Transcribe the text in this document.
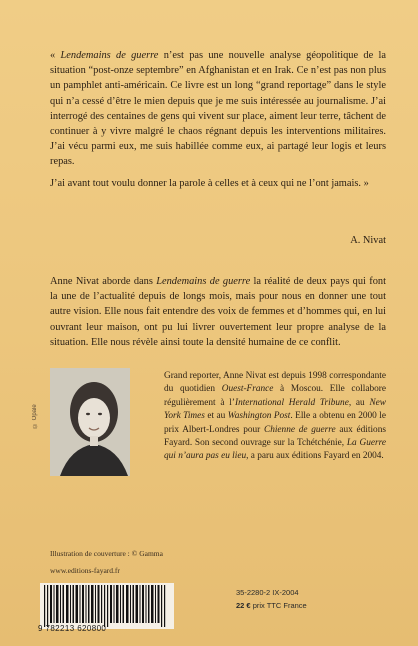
« Lendemains de guerre n’est pas une nouvelle analyse géopolitique de la situation “post-onze septembre” en Afghanistan et en Irak. Ce n’est pas non plus un pamphlet anti-américain. Ce livre est un long “grand reportage” dans le style qui n’a cessé d’être le mien depuis que je me suis intéressée au journalisme. J’ai interrogé des centaines de gens qui vivent sur place, aiment leur terre, tâchent de continuer à y vivre malgré le chaos régnant depuis les interventions militaires. J’ai vécu parmi eux, me suis habillée comme eux, ai partagé leur logis et leurs repas.

J’ai avant tout voulu donner la parole à celles et à ceux qui ne l’ont jamais. »

A. Nivat

Anne Nivat aborde dans Lendemains de guerre la réalité de deux pays qui font la une de l’actualité depuis de longs mois, mais pour nous en donner une tout autre vision. Elle nous fait entendre des voix de femmes et d’hommes qui, en lui ouvrant leur maison, ont pu lui livrer ouvertement leur propre analyse de la situation. Elle nous révèle ainsi toute la densité humaine de ce conflit.

© Opale

Grand reporter, Anne Nivat est depuis 1998 correspondante du quotidien Ouest-France à Moscou. Elle collabore régulièrement à l’International Herald Tribune, au New York Times et au Washington Post. Elle a obtenu en 2000 le prix Albert-Londres pour Chienne de guerre aux éditions Fayard. Son second ouvrage sur la Tchétchénie, La Guerre qui n’aura pas eu lieu, a paru aux éditions Fayard en 2004.

Illustration de couverture : © Gamma
www.editions-fayard.fr
9 782213 620800
35-2280-2 IX-2004
22 € prix TTC France
